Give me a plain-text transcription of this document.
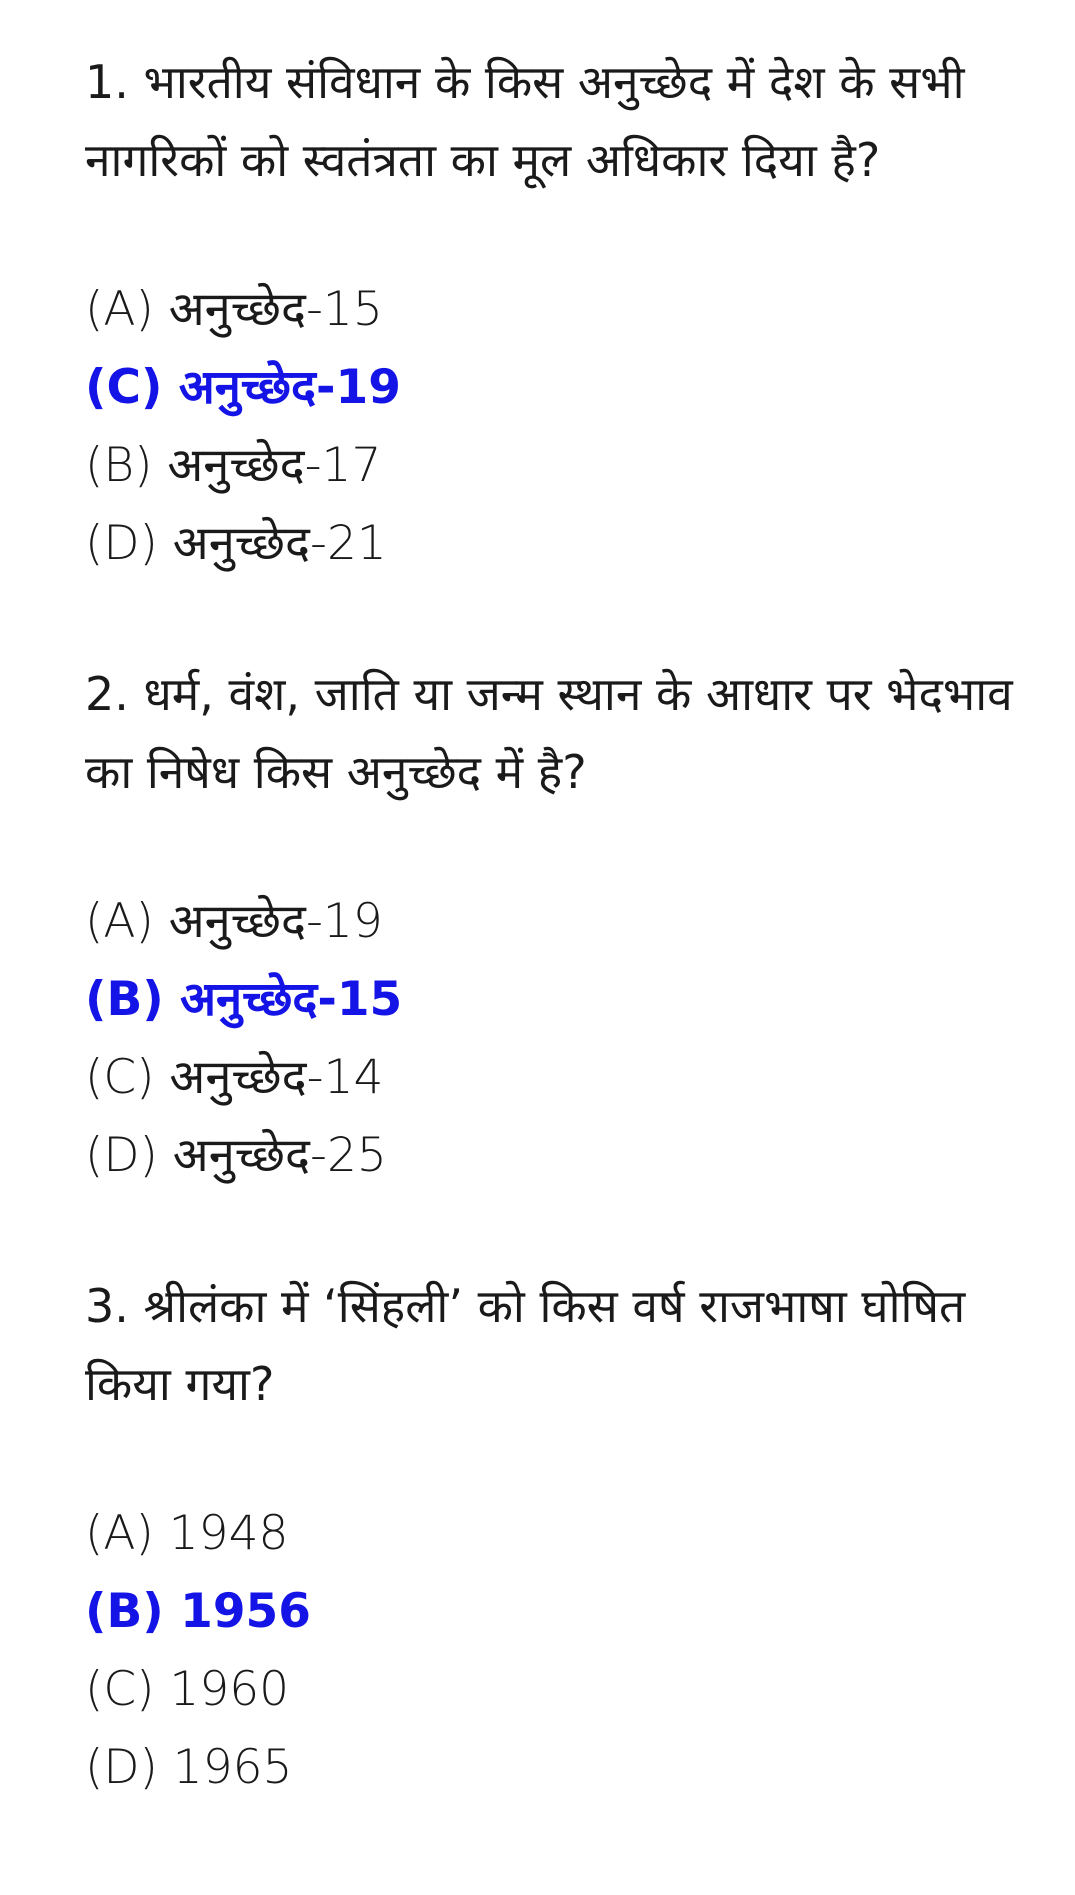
1. भारतीय संविधान के किस अनुच्छेद में देश के सभी नागरिकों को स्वतंत्रता का मूल अधिकार दिया है?

(A) अनुच्छेद-15
(C) अनुच्छेद-19
(B) अनुच्छेद-17
(D) अनुच्छेद-21

2. धर्म, वंश, जाति या जन्म स्थान के आधार पर भेदभाव का निषेध किस अनुच्छेद में है?

(A) अनुच्छेद-19
(B) अनुच्छेद-15
(C) अनुच्छेद-14
(D) अनुच्छेद-25

3. श्रीलंका में ‘सिंहली’ को किस वर्ष राजभाषा घोषित किया गया?

(A) 1948
(B) 1956
(C) 1960
(D) 1965
